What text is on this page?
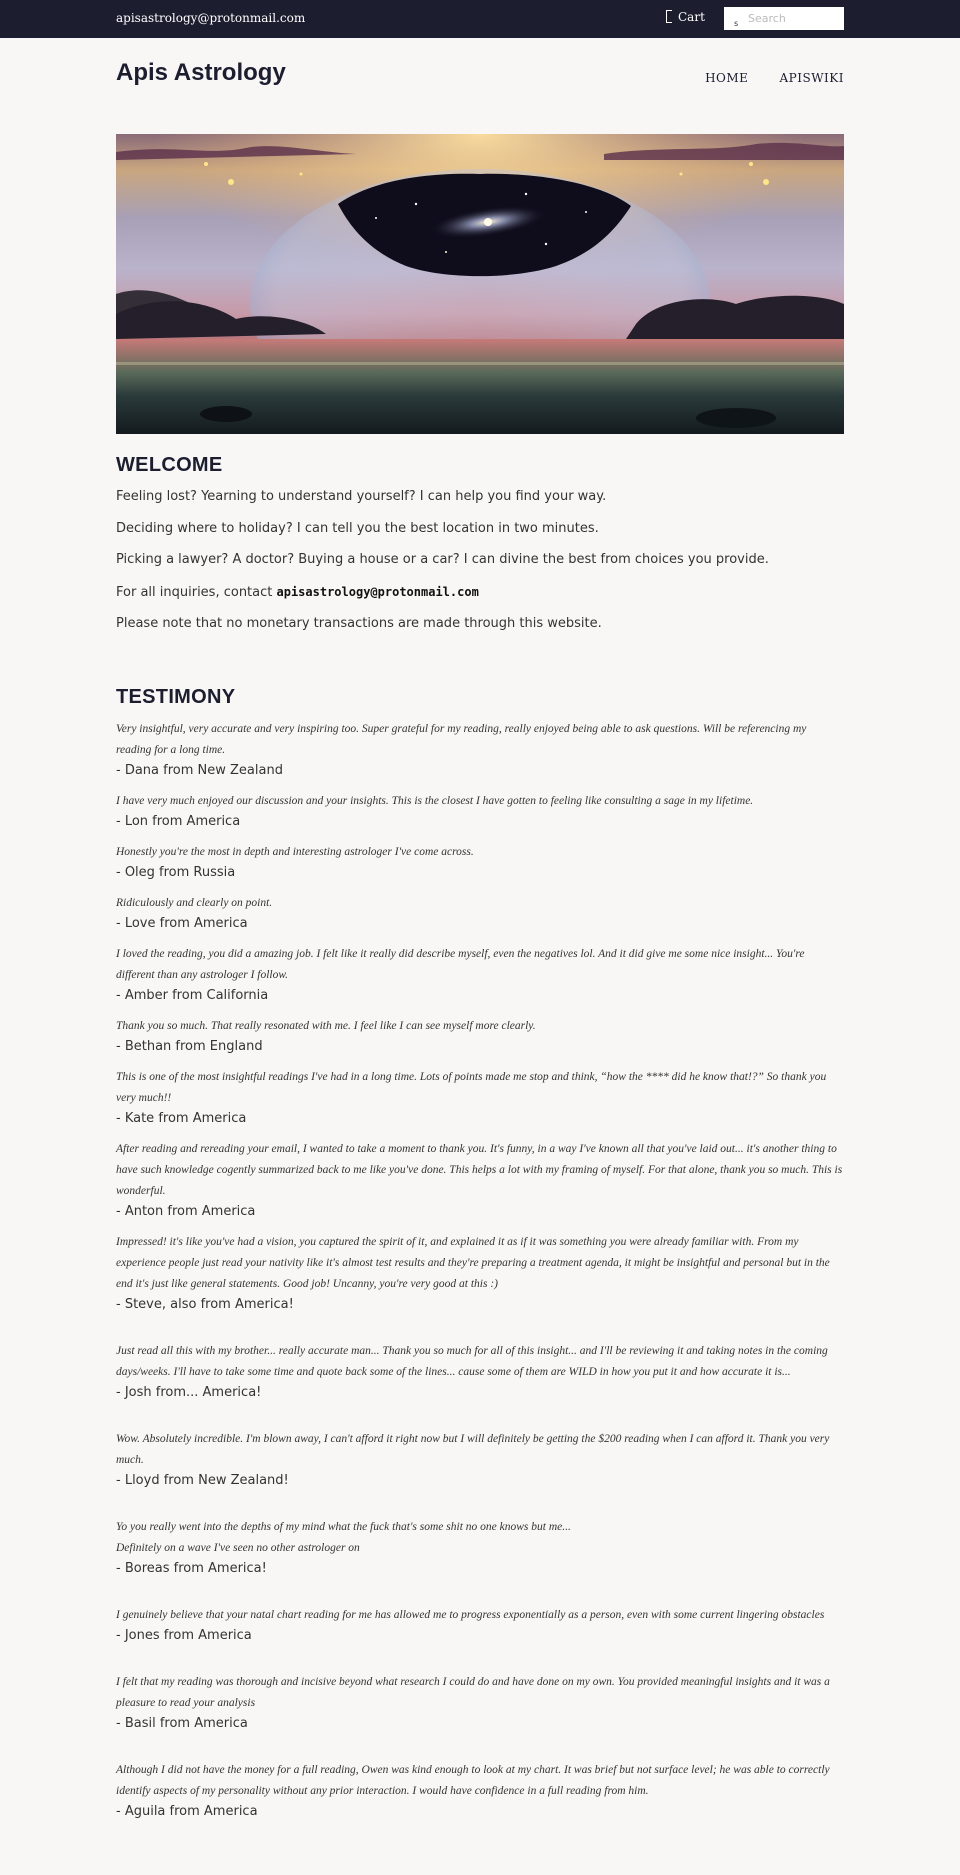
apisastrology@protonmail.com	Cart
Search	s
Apis Astrology	HOME	APISWIKI
WELCOME

Feeling lost? Yearning to understand yourself? I can help you find your way.

Deciding where to holiday? I can tell you the best location in two minutes.

Picking a lawyer? A doctor? Buying a house or a car? I can divine the best from choices you provide.

For all inquiries, contact apisastrology@protonmail.com

Please note that no monetary transactions are made through this website.

TESTIMONY
Very insightful, very accurate and very inspiring too. Super grateful for my reading, really enjoyed being able to ask questions. Will be referencing my reading for a long time.
- Dana from New Zealand
I have very much enjoyed our discussion and your insights. This is the closest I have gotten to feeling like consulting a sage in my lifetime.
- Lon from America
Honestly you're the most in depth and interesting astrologer I've come across.
- Oleg from Russia
Ridiculously and clearly on point.
- Love from America
I loved the reading, you did a amazing job. I felt like it really did describe myself, even the negatives lol. And it did give me some nice insight... You're different than any astrologer I follow.
- Amber from California
Thank you so much. That really resonated with me. I feel like I can see myself more clearly.
- Bethan from England
This is one of the most insightful readings I've had in a long time. Lots of points made me stop and think, “how the **** did he know that!?” So thank you very much!!
- Kate from America
After reading and rereading your email, I wanted to take a moment to thank you. It's funny, in a way I've known all that you've laid out... it's another thing to have such knowledge cogently summarized back to me like you've done. This helps a lot with my framing of myself. For that alone, thank you so much. This is wonderful.
- Anton from America
Impressed! it's like you've had a vision, you captured the spirit of it, and explained it as if it was something you were already familiar with. From my experience people just read your nativity like it's almost test results and they're preparing a treatment agenda, it might be insightful and personal but in the end it's just like general statements. Good job! Uncanny, you're very good at this :)
- Steve, also from America!
Just read all this with my brother... really accurate man... Thank you so much for all of this insight... and I'll be reviewing it and taking notes in the coming days/weeks. I'll have to take some time and quote back some of the lines... cause some of them are WILD in how you put it and how accurate it is...
- Josh from... America!
Wow. Absolutely incredible. I'm blown away, I can't afford it right now but I will definitely be getting the $200 reading when I can afford it. Thank you very much.
- Lloyd from New Zealand!
Yo you really went into the depths of my mind what the fuck that's some shit no one knows but me...
Definitely on a wave I've seen no other astrologer on
- Boreas from America!
I genuinely believe that your natal chart reading for me has allowed me to progress exponentially as a person, even with some current lingering obstacles
- Jones from America
I felt that my reading was thorough and incisive beyond what research I could do and have done on my own. You provided meaningful insights and it was a pleasure to read your analysis
- Basil from America
Although I did not have the money for a full reading, Owen was kind enough to look at my chart. It was brief but not surface level; he was able to correctly identify aspects of my personality without any prior interaction. I would have confidence in a full reading from him.
- Aguila from America
